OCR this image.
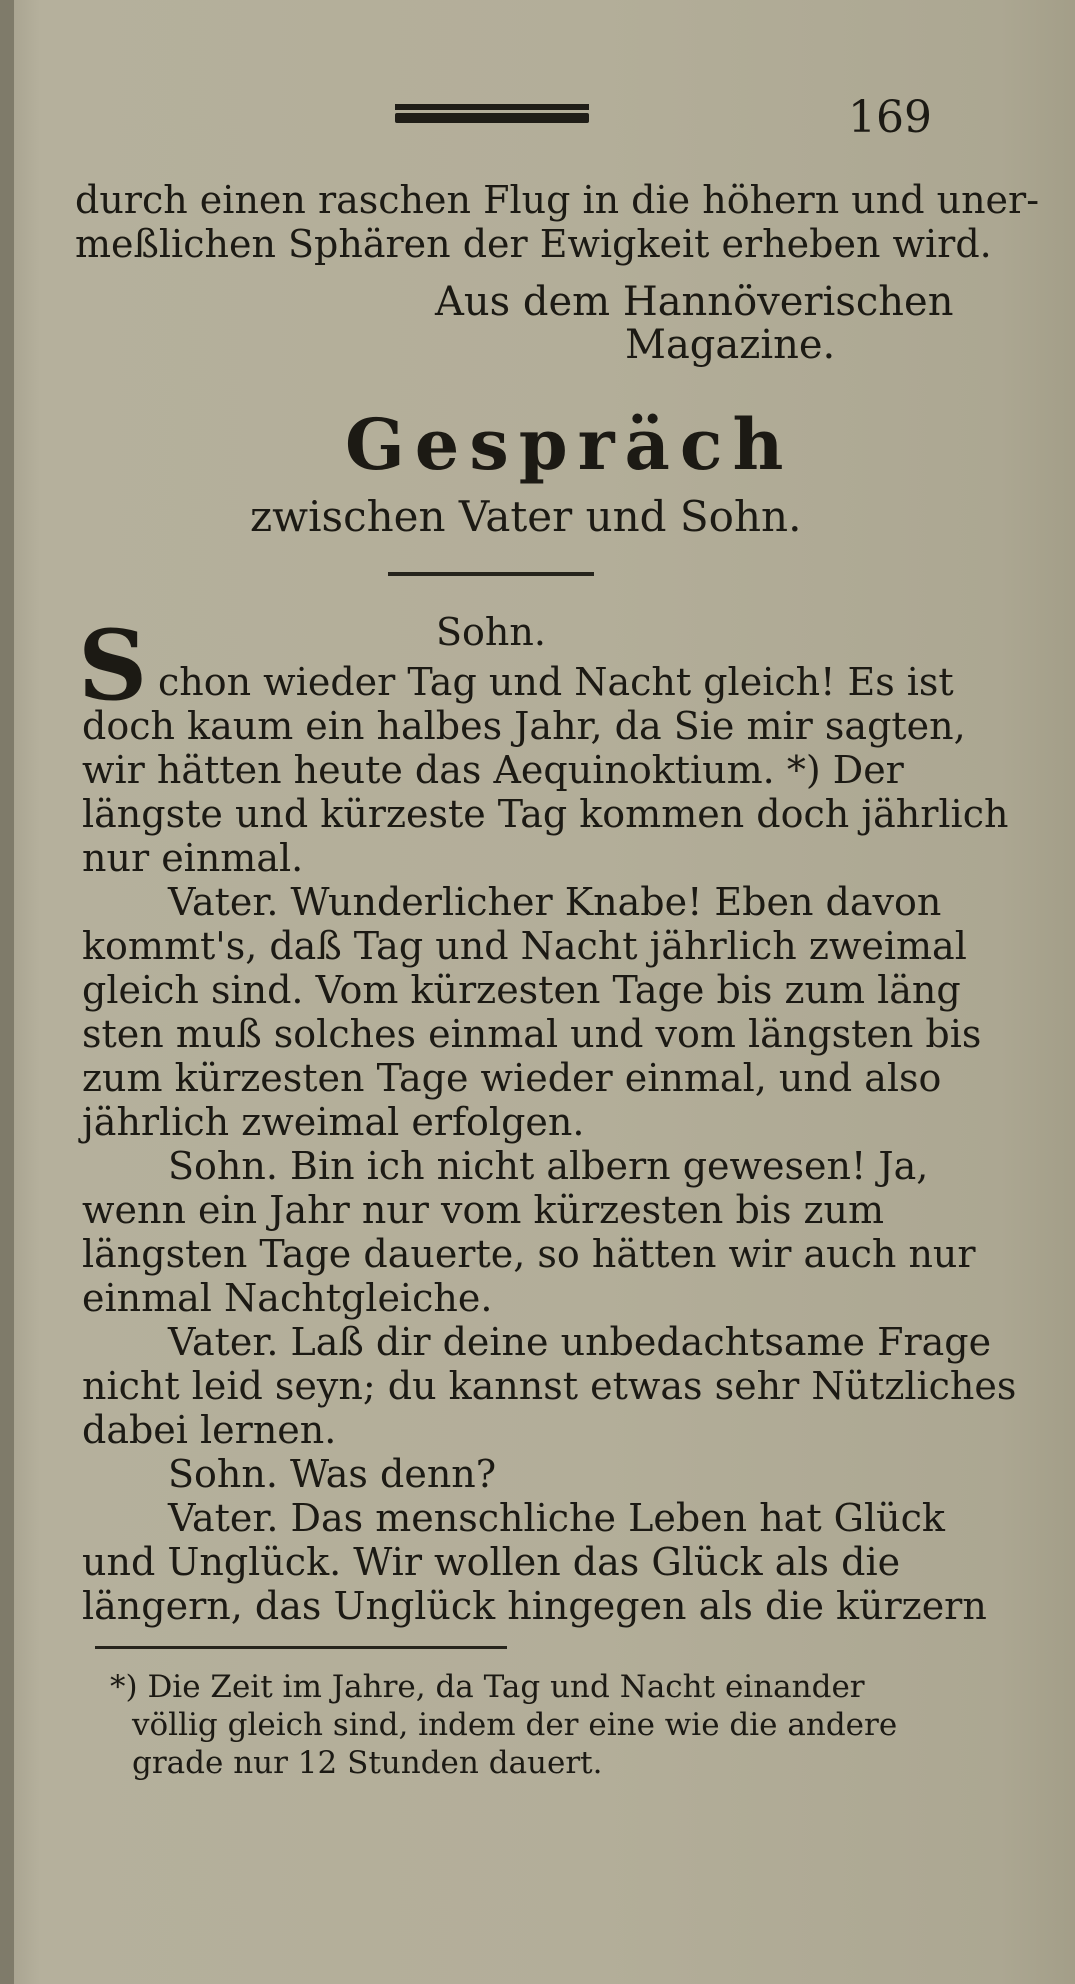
169
durch einen raschen Flug in die höhern und uner-
meßlichen Sphären der Ewigkeit erheben wird.
Aus dem Hannöverischen
Magazine.
Gespräch
zwischen Vater und Sohn.
Sohn.
S chon wieder Tag und Nacht gleich! Es ist
doch kaum ein halbes Jahr, da Sie mir sagten,
wir hätten heute das Aequinoktium. *) Der
längste und kürzeste Tag kommen doch jährlich
nur einmal.
Vater. Wunderlicher Knabe! Eben davon
kommt's, daß Tag und Nacht jährlich zweimal
gleich sind. Vom kürzesten Tage bis zum läng
sten muß solches einmal und vom längsten bis
zum kürzesten Tage wieder einmal, und also
jährlich zweimal erfolgen.
Sohn. Bin ich nicht albern gewesen! Ja,
wenn ein Jahr nur vom kürzesten bis zum
längsten Tage dauerte, so hätten wir auch nur
einmal Nachtgleiche.
Vater. Laß dir deine unbedachtsame Frage
nicht leid seyn; du kannst etwas sehr Nützliches
dabei lernen.
Sohn. Was denn?
Vater. Das menschliche Leben hat Glück
und Unglück. Wir wollen das Glück als die
längern, das Unglück hingegen als die kürzern
*) Die Zeit im Jahre, da Tag und Nacht einander
völlig gleich sind, indem der eine wie die andere
grade nur 12 Stunden dauert.
